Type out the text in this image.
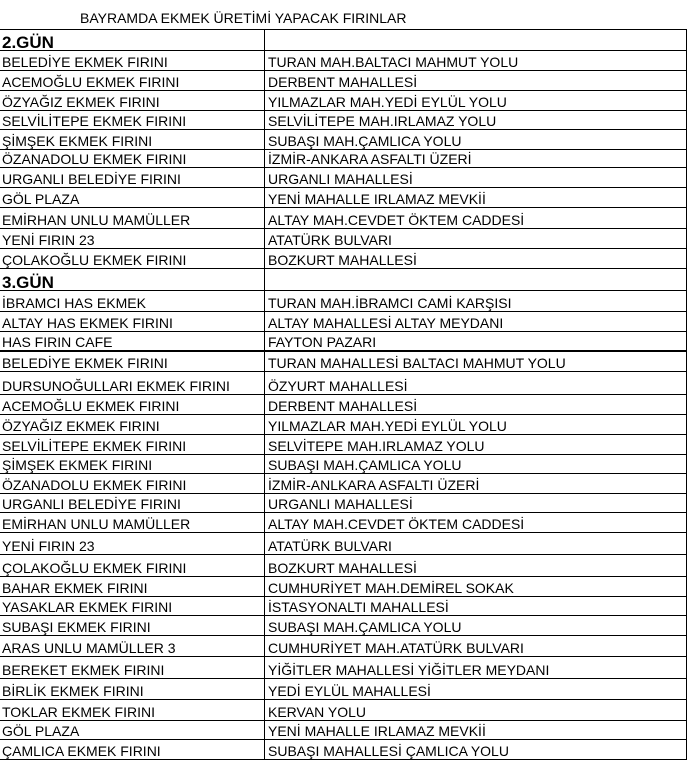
BAYRAMDA EKMEK ÜRETİMİ YAPACAK FIRINLAR
2.GÜN	
BELEDİYE EKMEK FIRINI	TURAN MAH.BALTACI MAHMUT YOLU
ACEMOĞLU EKMEK FIRINI	DERBENT MAHALLESİ
ÖZYAĞIZ EKMEK FIRINI	YILMAZLAR MAH.YEDİ EYLÜL YOLU
SELVİLİTEPE EKMEK FIRINI	SELVİLİTEPE MAH.IRLAMAZ YOLU
ŞİMŞEK EKMEK FIRINI	SUBAŞI MAH.ÇAMLICA YOLU
ÖZANADOLU EKMEK FIRINI	İZMİR-ANKARA ASFALTI ÜZERİ
URGANLI BELEDİYE FIRINI	URGANLI MAHALLESİ
GÖL PLAZA	YENİ MAHALLE IRLAMAZ MEVKİİ
EMİRHAN UNLU MAMÜLLER	ALTAY MAH.CEVDET ÖKTEM CADDESİ
YENİ FIRIN 23	ATATÜRK BULVARI
ÇOLAKOĞLU EKMEK FIRINI	BOZKURT MAHALLESİ
3.GÜN	
İBRAMCI HAS EKMEK	TURAN MAH.İBRAMCI CAMİ KARŞISI
ALTAY HAS EKMEK FIRINI	ALTAY MAHALLESİ ALTAY MEYDANI
HAS FIRIN CAFE	FAYTON PAZARI
BELEDİYE EKMEK FIRINI	TURAN MAHALLESİ BALTACI MAHMUT YOLU
DURSUNOĞULLARI EKMEK FIRINI	ÖZYURT MAHALLESİ
ACEMOĞLU EKMEK FIRINI	DERBENT MAHALLESİ
ÖZYAĞIZ EKMEK FIRINI	YILMAZLAR MAH.YEDİ EYLÜL YOLU
SELVİLİTEPE EKMEK FIRINI	SELVİTEPE MAH.IRLAMAZ YOLU
ŞİMŞEK EKMEK FIRINI	SUBAŞI MAH.ÇAMLICA YOLU
ÖZANADOLU EKMEK FIRINI	İZMİR-ANLKARA ASFALTI ÜZERİ
URGANLI BELEDİYE FIRINI	URGANLI MAHALLESİ
EMİRHAN UNLU MAMÜLLER	ALTAY MAH.CEVDET ÖKTEM CADDESİ
YENİ FIRIN 23	ATATÜRK BULVARI
ÇOLAKOĞLU EKMEK FIRINI	BOZKURT MAHALLESİ
BAHAR EKMEK FIRINI	CUMHURİYET MAH.DEMİREL SOKAK
YASAKLAR EKMEK FIRINI	İSTASYONALTI MAHALLESİ
SUBAŞI EKMEK FIRINI	SUBAŞI MAH.ÇAMLICA YOLU
ARAS UNLU MAMÜLLER 3	CUMHURİYET MAH.ATATÜRK BULVARI
BEREKET EKMEK FIRINI	YİĞİTLER MAHALLESİ YİĞİTLER MEYDANI
BİRLİK EKMEK FIRINI	YEDİ EYLÜL MAHALLESİ
TOKLAR EKMEK FIRINI	KERVAN YOLU
GÖL PLAZA	YENİ MAHALLE IRLAMAZ MEVKİİ
ÇAMLICA EKMEK FIRINI	SUBAŞI MAHALLESİ ÇAMLICA YOLU
